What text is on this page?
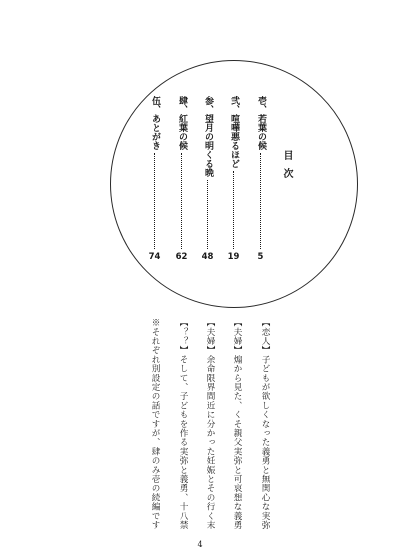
目次
壱、若葉の候
5
弐、喧嘩悪るほど
19
参、望月の明くる晩
48
肆、紅葉の候
62
伍、あとがき
74
【恋人】子どもが欲しくなった義勇と無関心な実弥
【夫婦】煽から見た、くそ親父実弥と可哀想な義勇
【夫婦】余命限界間近に分かった妊娠とその行く末
【？？】そして、子どもを作る実弥と義勇、十八禁
※それぞれ別設定の話ですが、肆のみ壱の続編です
4
